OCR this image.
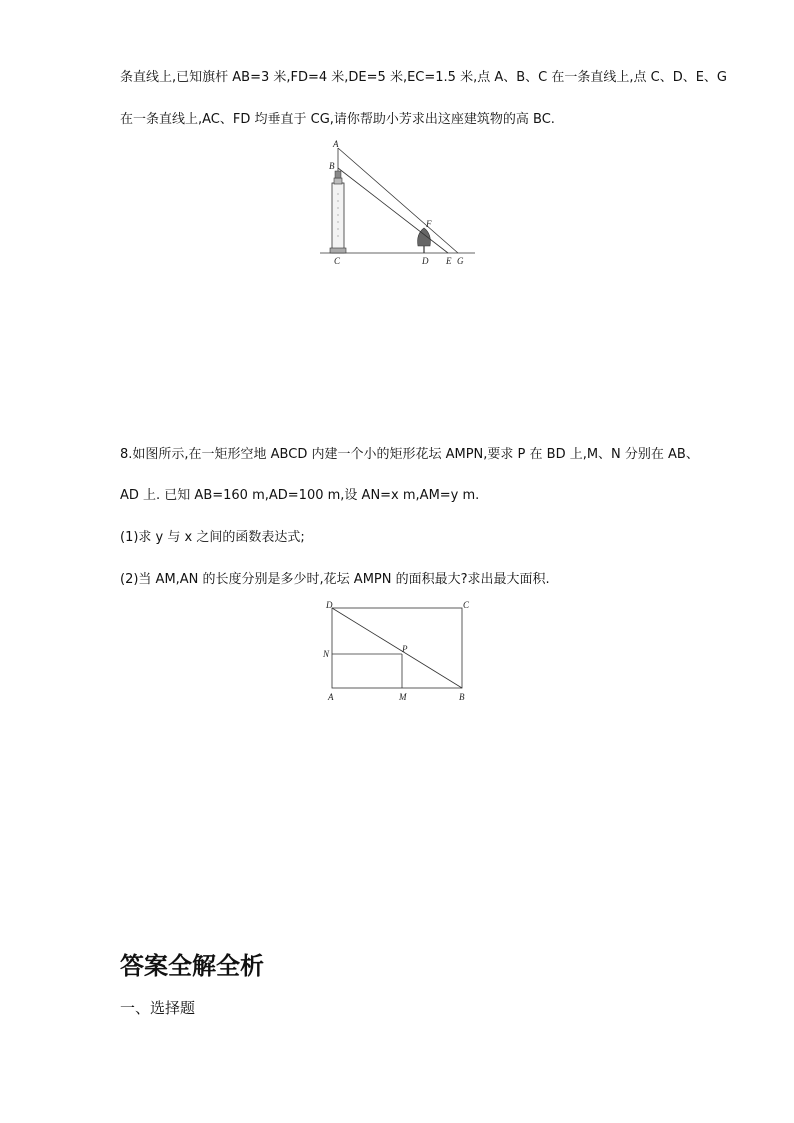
条直线上,已知旗杆 AB=3 米,FD=4 米,DE=5 米,EC=1.5 米,点 A、B、C 在一条直线上,点 C、D、E、G
在一条直线上,AC、FD 均垂直于 CG,请你帮助小芳求出这座建筑物的高 BC.
A
B
C	D E
F
G
8.如图所示,在一矩形空地 ABCD 内建一个小的矩形花坛 AMPN,要求 P 在 BD 上,M、N 分别在 AB、
AD 上. 已知 AB=160 m,AD=100 m,设 AN=x m,AM=y m.
(1)求 y 与 x 之间的函数表达式;
(2)当 AM,AN 的长度分别是多少时,花坛 AMPN 的面积最大?求出最大面积.
D	C
N	P
A	M	B
答案全解全析
一、选择题
